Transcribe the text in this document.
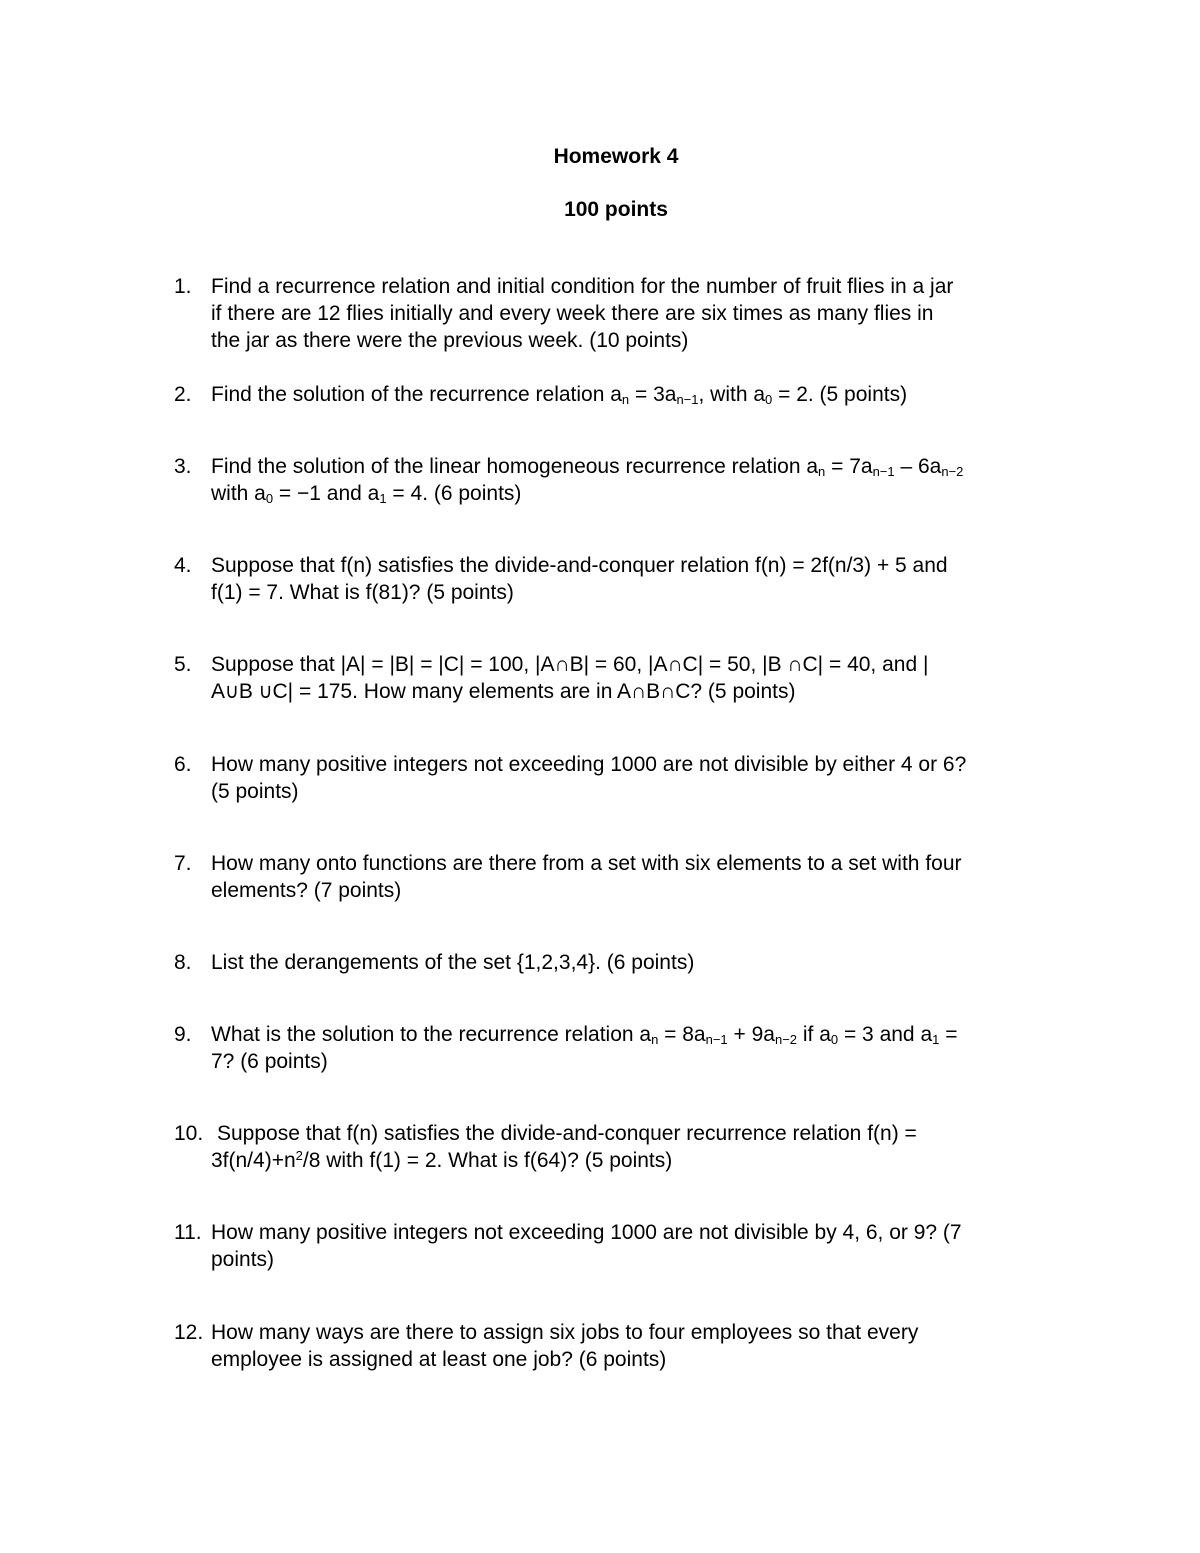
Homework 4
100 points
1. Find a recurrence relation and initial condition for the number of fruit flies in a jar
if there are 12 flies initially and every week there are six times as many flies in
the jar as there were the previous week. (10 points)
2. Find the solution of the recurrence relation $a_n = 3a_{n-1}$, with $a_0 = 2$. (5 points)
3. Find the solution of the linear homogeneous recurrence relation $a_n = 7a_{n-1} - 6a_{n-2}$
with $a_0 = -1$ and $a_1 = 4$. (6 points)
4. Suppose that f(n) satisfies the divide-and-conquer relation f(n) = 2f(n/3) + 5 and
f(1) = 7. What is f(81)? (5 points)
5. Suppose that |A| = |B| = |C| = 100, |A∩B| = 60, |A∩C| = 50, |B ∩C| = 40, and |
A∪B ∪C| = 175. How many elements are in A∩B∩C? (5 points)
6. How many positive integers not exceeding 1000 are not divisible by either 4 or 6?
(5 points)
7. How many onto functions are there from a set with six elements to a set with four
elements? (7 points)
8. List the derangements of the set {1,2,3,4}. (6 points)
9. What is the solution to the recurrence relation $a_n = 8a_{n-1} + 9a_{n-2}$ if $a_0 = 3$ and $a_1$ =
7? (6 points)
10. Suppose that f(n) satisfies the divide-and-conquer recurrence relation f(n) =
$3f(n/4)+n^2/8$ with f(1) = 2. What is f(64)? (5 points)
11. How many positive integers not exceeding 1000 are not divisible by 4, 6, or 9? (7
points)
12. How many ways are there to assign six jobs to four employees so that every
employee is assigned at least one job? (6 points)
